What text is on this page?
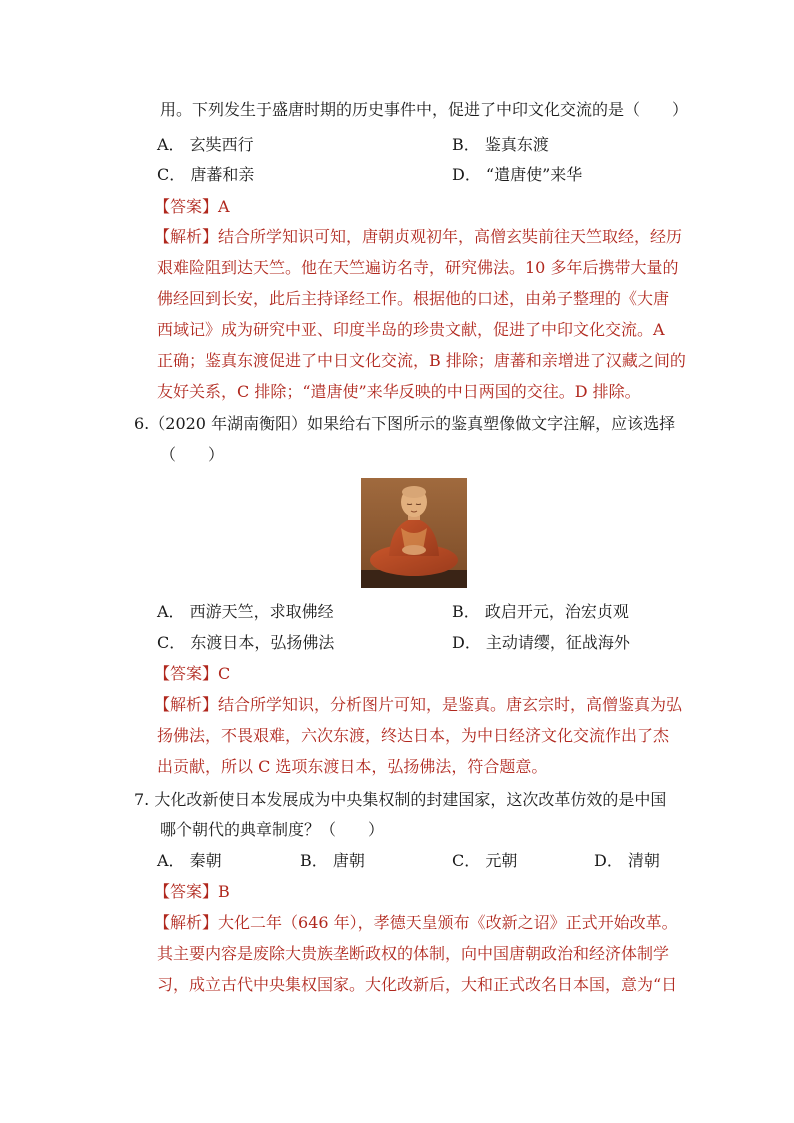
用。下列发生于盛唐时期的历史事件中，促进了中印文化交流的是（　　）
A． 玄奘西行	B． 鉴真东渡
C． 唐蕃和亲	D． “遣唐使”来华
【答案】A
【解析】结合所学知识可知，唐朝贞观初年，高僧玄奘前往天竺取经，经历
艰难险阻到达天竺。他在天竺遍访名寺，研究佛法。10 多年后携带大量的
佛经回到长安，此后主持译经工作。根据他的口述，由弟子整理的《大唐
西域记》成为研究中亚、印度半岛的珍贵文献，促进了中印文化交流。A
正确；鉴真东渡促进了中日文化交流，B 排除；唐蕃和亲增进了汉藏之间的
友好关系，C 排除；“遣唐使”来华反映的中日两国的交往。D 排除。
6.（2020 年湖南衡阳）如果给右下图所示的鉴真塑像做文字注解，应该选择
（　　）
A． 西游天竺，求取佛经	B． 政启开元，治宏贞观
C． 东渡日本，弘扬佛法	D． 主动请缨，征战海外
【答案】C
【解析】结合所学知识，分析图片可知，是鉴真。唐玄宗时，高僧鉴真为弘
扬佛法，不畏艰难，六次东渡，终达日本，为中日经济文化交流作出了杰
出贡献，所以 C 选项东渡日本，弘扬佛法，符合题意。
7. 大化改新使日本发展成为中央集权制的封建国家，这次改革仿效的是中国
哪个朝代的典章制度？（　　）
A． 秦朝	B． 唐朝	C． 元朝	D． 清朝
【答案】B
【解析】大化二年（646 年），孝德天皇颁布《改新之诏》正式开始改革。
其主要内容是废除大贵族垄断政权的体制，向中国唐朝政治和经济体制学
习，成立古代中央集权国家。大化改新后，大和正式改名日本国，意为“日
